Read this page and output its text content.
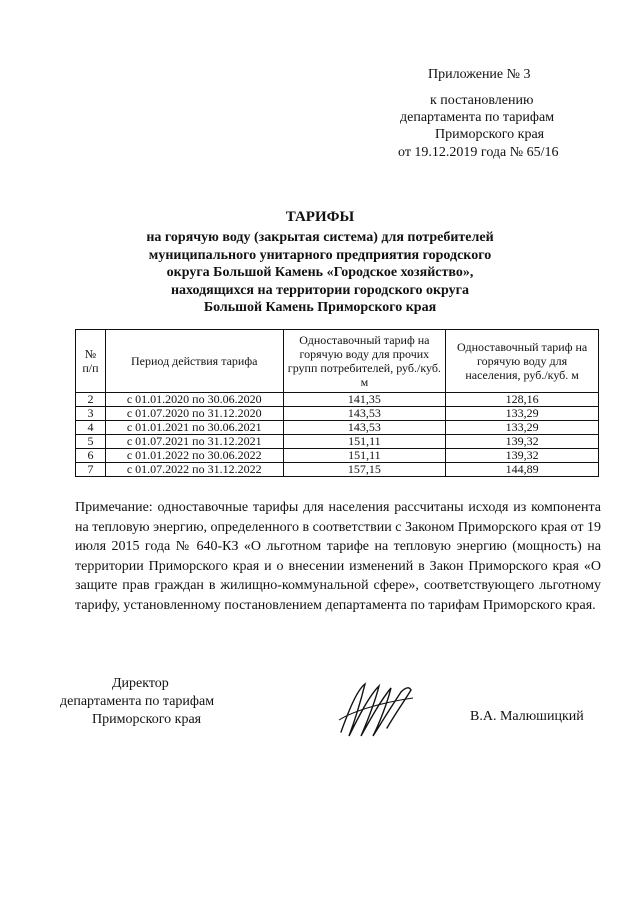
Приложение № 3
к постановлению
департамента по тарифам
Приморского края
от 19.12.2019 года № 65/16
ТАРИФЫ
на горячую воду (закрытая система) для потребителей
муниципального унитарного предприятия городского
округа Большой Камень «Городское хозяйство»,
находящихся на территории городского округа
Большой Камень Приморского края
№ п/п	Период действия тарифа	Одноставочный тариф на горячую воду для прочих групп потребителей, руб./куб. м	Одноставочный тариф на горячую воду для населения, руб./куб. м
2	с 01.01.2020 по 30.06.2020	141,35	128,16
3	с 01.07.2020 по 31.12.2020	143,53	133,29
4	с 01.01.2021 по 30.06.2021	143,53	133,29
5	с 01.07.2021 по 31.12.2021	151,11	139,32
6	с 01.01.2022 по 30.06.2022	151,11	139,32
7	с 01.07.2022 по 31.12.2022	157,15	144,89
Примечание: одноставочные тарифы для населения рассчитаны исходя из компонента на тепловую энергию, определенного в соответствии с Законом Приморского края от 19 июля 2015 года № 640-КЗ «О льготном тарифе на тепловую энергию (мощность) на территории Приморского края и о внесении изменений в Закон Приморского края «О защите прав граждан в жилищно-коммунальной сфере», соответствующего льготному тарифу, установленному постановлением департамента по тарифам Приморского края.
Директор
департамента по тарифам
Приморского края	В.А. Малюшицкий
